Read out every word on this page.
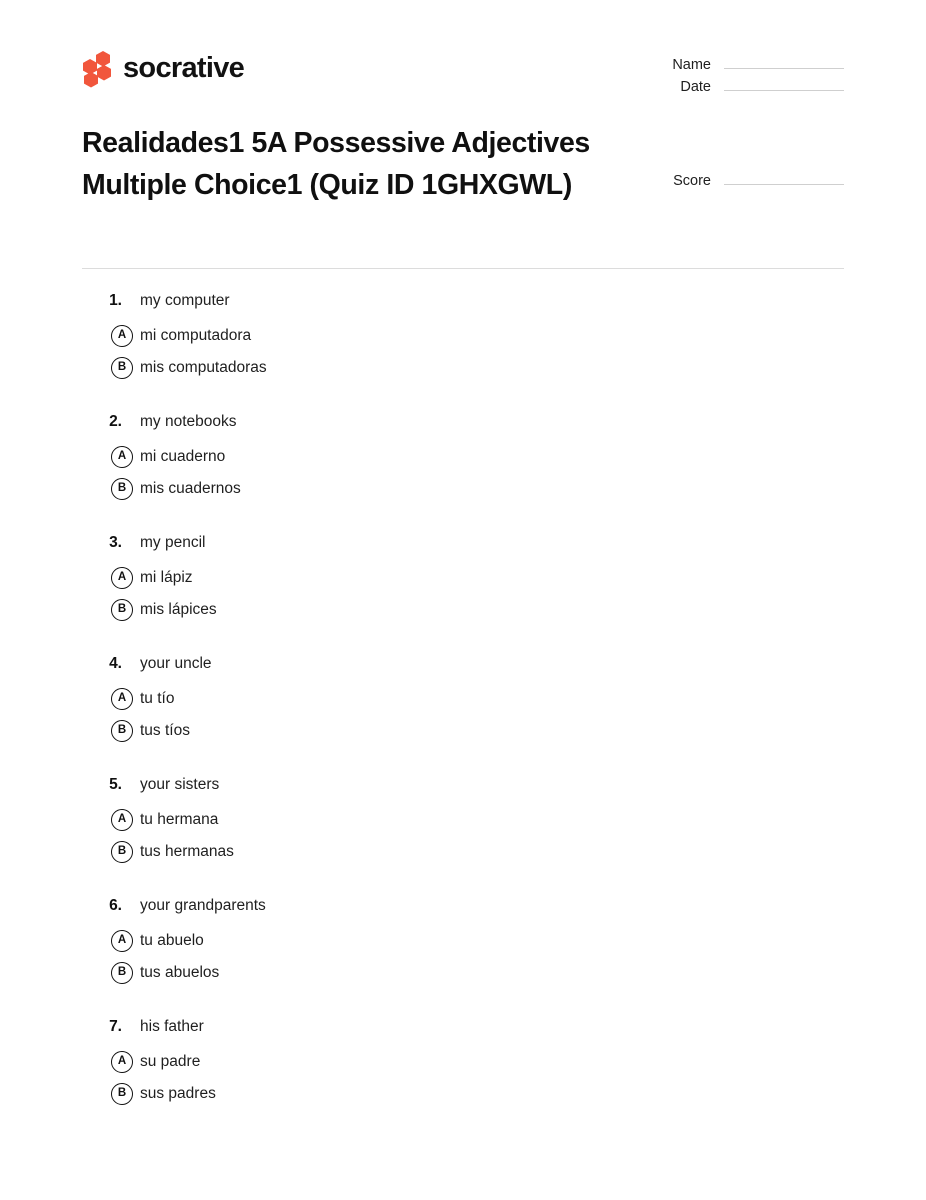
socrative	Name
Date
Realidades1 5A Possessive Adjectives Multiple Choice1 (Quiz ID 1GHXGWL)	Score
1. my computer
A mi computadora
B mis computadoras
2. my notebooks
A mi cuaderno
B mis cuadernos
3. my pencil
A mi lápiz
B mis lápices
4. your uncle
A tu tío
B tus tíos
5. your sisters
A tu hermana
B tus hermanas
6. your grandparents
A tu abuelo
B tus abuelos
7. his father
A su padre
B sus padres
